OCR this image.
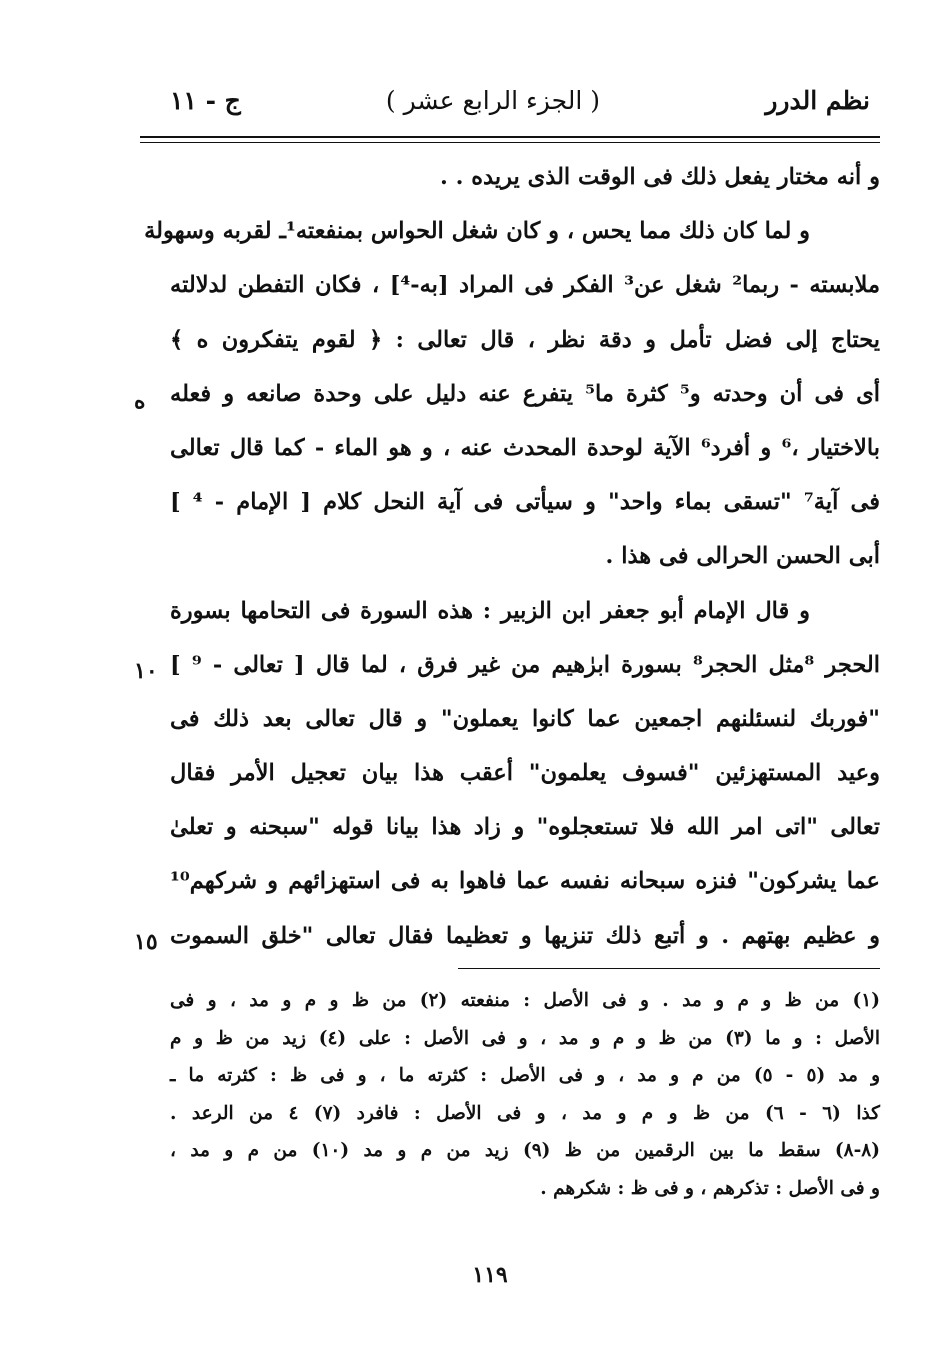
نظم الدرر
( الجزء الرابع عشر )
ج - ١١
و أنه مختار يفعل ذلك فى الوقت الذى يريده . .
و لما كان ذلك مما يحس ، و كان شغل الحواس بمنفعته¹ـ لقربه وسهولة
ملابسته - ربما² شغل عن³ الفكر فى المراد [به-⁴] ، فكان التفطن لدلالته
يحتاج إلى فضل تأمل و دقة نظر ، قال تعالى : ﴿ لقوم يتفكرون ه ﴾
أى فى أن وحدته و⁵ كثرة ما⁵ يتفرع عنه دليل على وحدة صانعه و فعله
بالاختيار ،⁶ و أفرد⁶ الآية لوحدة المحدث عنه ، و هو الماء - كما قال تعالى
فى آية⁷ "تسقى بماء واحد" و سيأتى فى آية النحل كلام [ الإمام - ⁴ ]
أبى الحسن الحرالى فى هذا .
و قال الإمام أبو جعفر ابن الزبير : هذه السورة فى التحامها بسورة
الحجر ⁸مثل الحجر⁸ بسورة ابرٰهيم من غير فرق ، لما قال [ تعالى - ⁹ ]
"فوربك لنسئلنهم اجمعين عما كانوا يعملون" و قال تعالى بعد ذلك فى
وعيد المستهزئين "فسوف يعلمون" أعقب هذا بيان تعجيل الأمر فقال
تعالى "اتى امر الله فلا تستعجلوه" و زاد هذا بيانا قوله "سبحنه و تعلىٰ
عما يشركون" فنزه سبحانه نفسه عما فاهوا به فى استهزائهم و شركهم¹⁰
و عظيم بهتهم . و أتبع ذلك تنزيها و تعظيما فقال تعالى "خلق السموت
ه
١٠
١٥
(١) من ظ و م و مد . و فى الأصل : منفعته (٢) من ظ و م و مد ، و فى
الأصل : و ما (٣) من ظ و م و مد ، و فى الأصل : على (٤) زيد من ظ و م
و مد (٥ - ٥) من م و مد ، و فى الأصل : كثرته ما ، و فى ظ : كثرته ما ـ
كذا (٦ - ٦) من ظ و م و مد ، و فى الأصل : فافرد (٧) ٤ من الرعد .
(٨-٨) سقط ما بين الرقمين من ظ (٩) زيد من م و مد (١٠) من م و مد ،
و فى الأصل : تذكرهم ، و فى ظ : شكرهم .
١١٩
